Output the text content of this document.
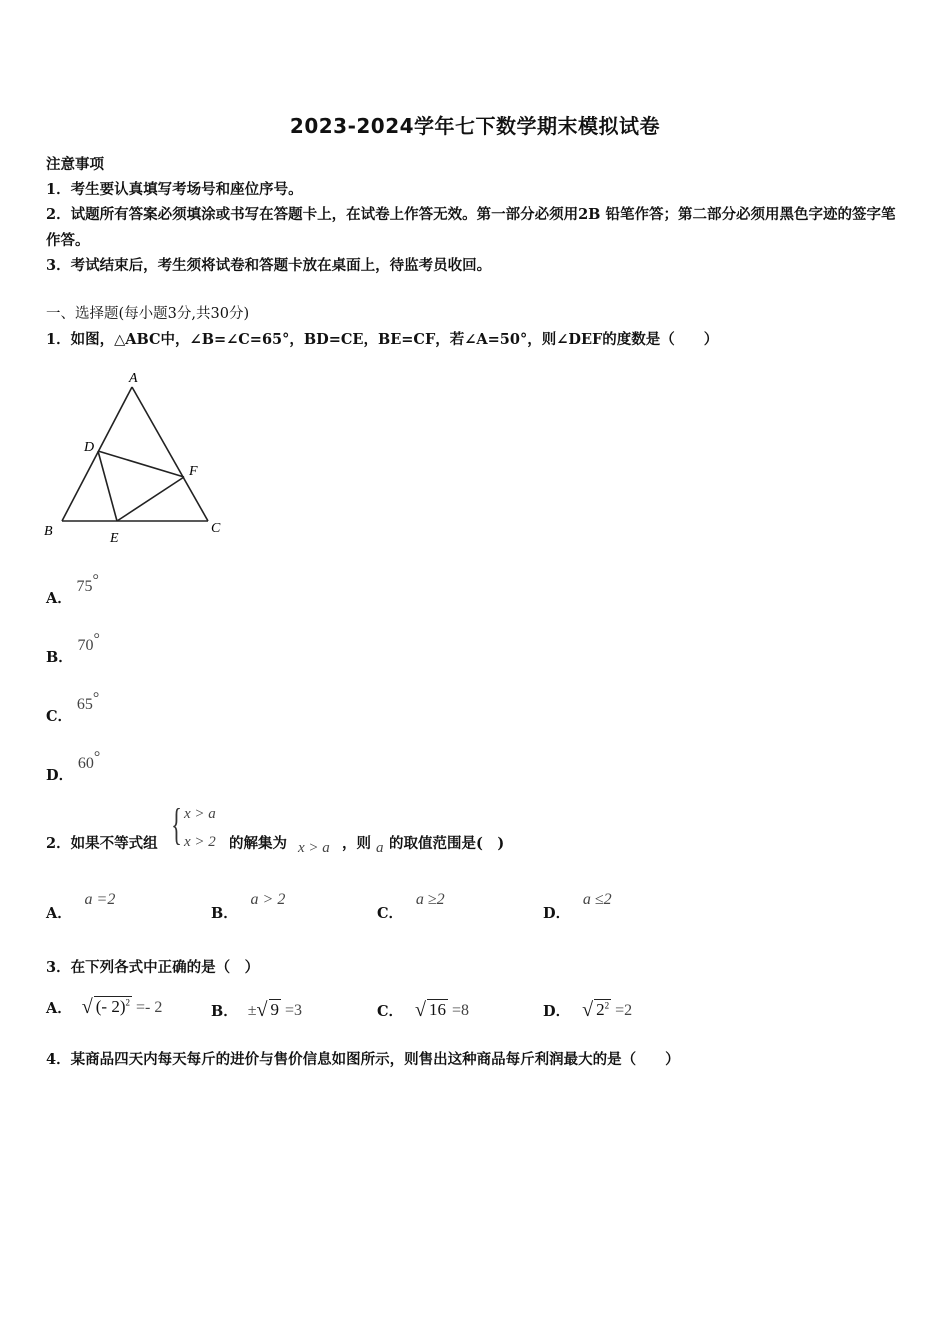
2023-2024学年七下数学期末模拟试卷
注意事项
1．考生要认真填写考场号和座位序号。
2．试题所有答案必须填涂或书写在答题卡上，在试卷上作答无效。第一部分必须用2B 铅笔作答；第二部分必须用黑色字迹的签字笔作答。
3．考试结束后，考生须将试卷和答题卡放在桌面上，待监考员收回。
一、选择题(每小题3分,共30分)
1．如图，△ABC中，∠B=∠C=65°，BD=CE，BE=CF，若∠A=50°，则∠DEF的度数是（　　）
A
D
F
B	E
C
A． 75°
B． 70°
C． 65°
D． 60°
2．如果不等式组 { x > a
x > 2 的解集为 x > a ，则 a 的取值范围是(　)
A． a =2
B． a > 2
C． a ≥2
D． a ≤2
3．在下列各式中正确的是（　）
A． √ (- 2)$^2$ =- 2	B． ± √ 9 =3	C． √ 16 =8	D． √ $2^2 =2$
4．某商品四天内每天每斤的进价与售价信息如图所示，则售出这种商品每斤利润最大的是（　　）
